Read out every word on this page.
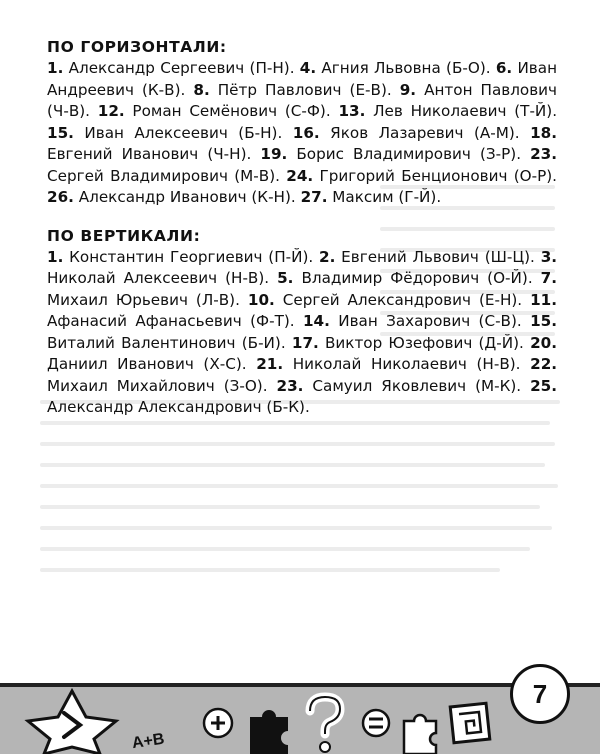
ПО ГОРИЗОНТАЛИ:

1. Александр Сергеевич (П-Н). 4. Агния Львовна (Б-О). 6. Иван Андреевич (К-В). 8. Пётр Павлович (Е-В). 9. Антон Павлович (Ч-В). 12. Роман Семёнович (С-Ф). 13. Лев Николаевич (Т-Й). 15. Иван Алексеевич (Б-Н). 16. Яков Лазаревич (А-М). 18. Евгений Иванович (Ч-Н). 19. Борис Владимирович (З-Р). 23. Сергей Владимирович (М-В). 24. Григорий Бенционович (О-Р). 26. Александр Иванович (К-Н). 27. Максим (Г-Й).

ПО ВЕРТИКАЛИ:

1. Константин Георгиевич (П-Й). 2. Евгений Львович (Ш-Ц). 3. Николай Алексеевич (Н-В). 5. Владимир Фёдорович (О-Й). 7. Михаил Юрьевич (Л-В). 10. Сергей Александрович (Е-Н). 11. Афанасий Афанасьевич (Ф-Т). 14. Иван Захарович (С-В). 15. Виталий Валентинович (Б-И). 17. Виктор Юзефович (Д-Й). 20. Даниил Иванович (Х-С). 21. Николай Николаевич (Н-В). 22. Михаил Михайлович (З-О). 23. Самуил Яковлевич (М-К). 25. Александр Александрович (Б-К).

A+B
7
